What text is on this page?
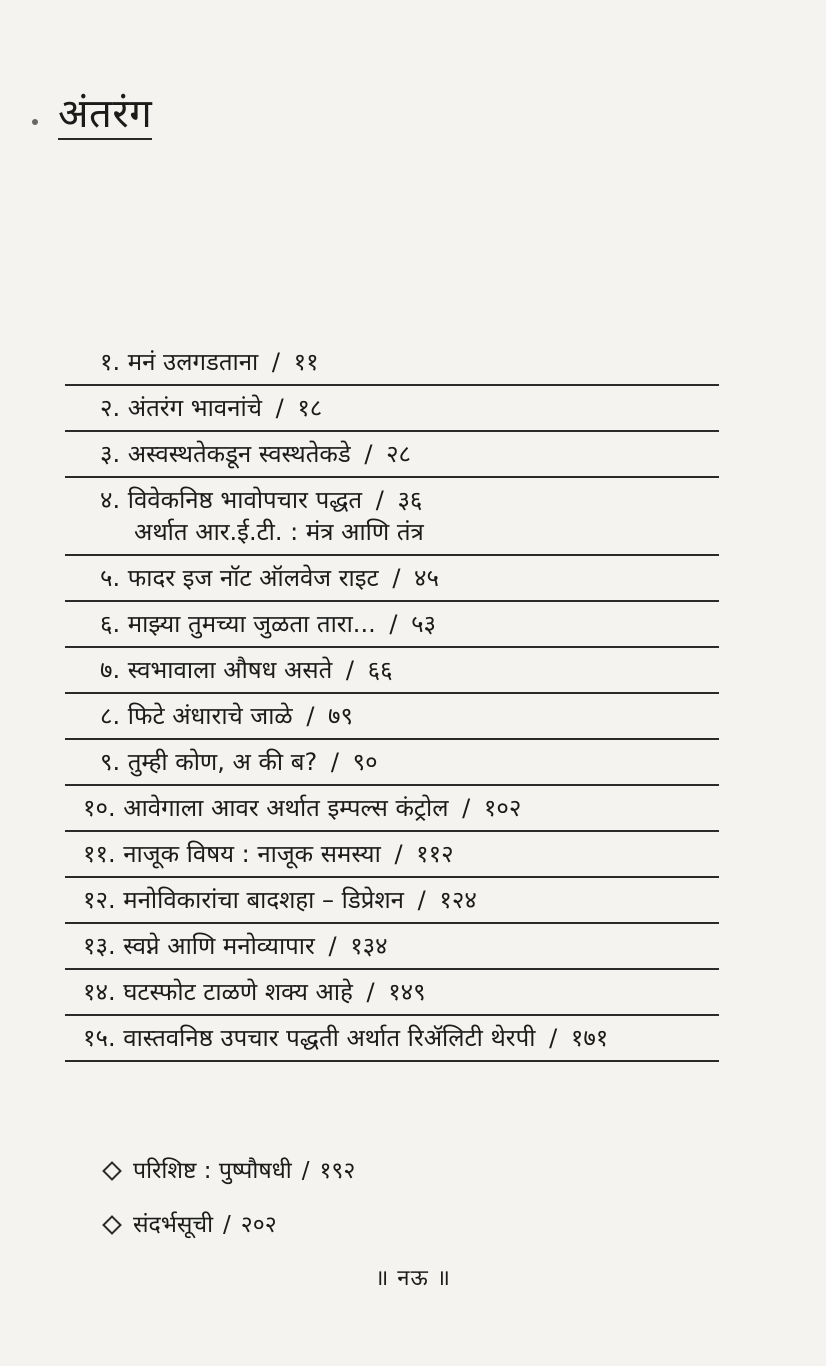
अंतरंग
१. मनं उलगडताना / ११
२. अंतरंग भावनांचे / १८
३. अस्वस्थतेकडून स्वस्थतेकडे / २८
४. विवेकनिष्ठ भावोपचार पद्धत / ३६
अर्थात आर.ई.टी. : मंत्र आणि तंत्र
५. फादर इज नॉट ऑलवेज राइट / ४५
६. माझ्या तुमच्या जुळता तारा... / ५३
७. स्वभावाला औषध असते / ६६
८. फिटे अंधाराचे जाळे / ७९
९. तुम्ही कोण, अ की ब? / ९०
१०. आवेगाला आवर अर्थात इम्पल्स कंट्रोल / १०२
११. नाजूक विषय : नाजूक समस्या / ११२
१२. मनोविकारांचा बादशहा – डिप्रेशन / १२४
१३. स्वप्ने आणि मनोव्यापार / १३४
१४. घटस्फोट टाळणे शक्य आहे / १४९
१५. वास्तवनिष्ठ उपचार पद्धती अर्थात रिॲलिटी थेरपी / १७१
परिशिष्ट : पुष्पौषधी / १९२
संदर्भसूची / २०२
॥ नऊ ॥
